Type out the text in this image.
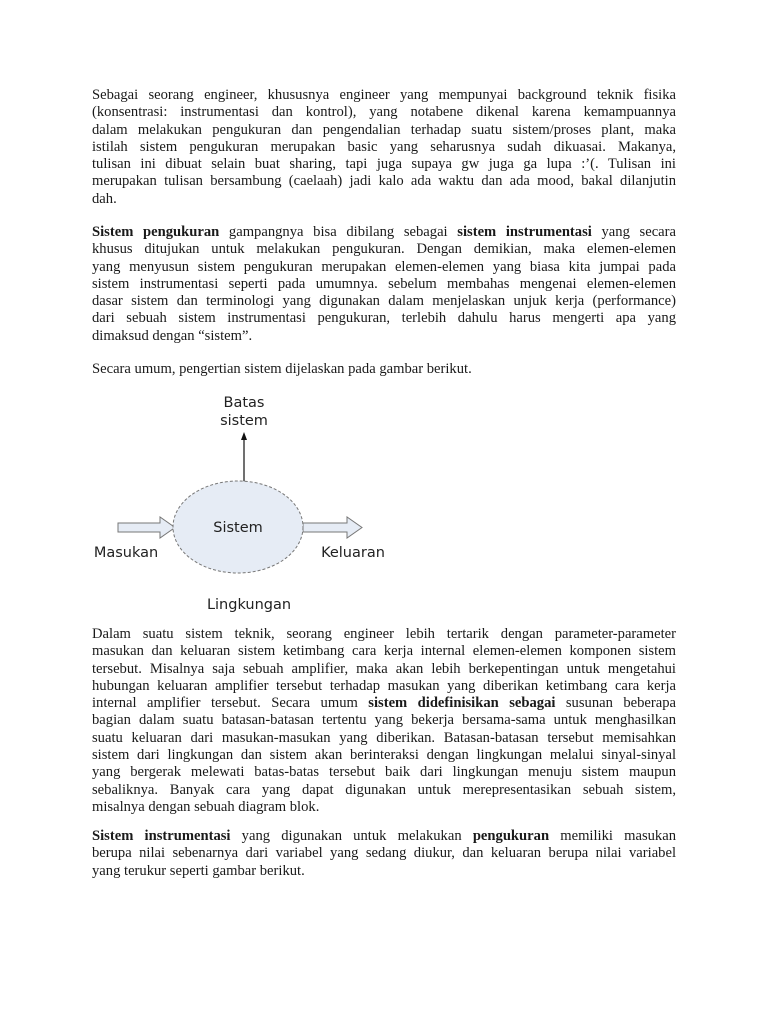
Sebagai seorang engineer, khususnya engineer yang mempunyai background teknik fisika
(konsentrasi: instrumentasi dan kontrol), yang notabene dikenal karena kemampuannya
dalam melakukan pengukuran dan pengendalian terhadap suatu sistem/proses plant, maka
istilah sistem pengukuran merupakan basic yang seharusnya sudah dikuasai. Makanya,
tulisan ini dibuat selain buat sharing, tapi juga supaya gw juga ga lupa :’(. Tulisan ini
merupakan tulisan bersambung (caelaah) jadi kalo ada waktu dan ada mood, bakal dilanjutin
dah.
Sistem pengukuran gampangnya bisa dibilang sebagai sistem instrumentasi yang secara
khusus ditujukan untuk melakukan pengukuran. Dengan demikian, maka elemen-elemen
yang menyusun sistem pengukuran merupakan elemen-elemen yang biasa kita jumpai pada
sistem instrumentasi seperti pada umumnya. sebelum membahas mengenai elemen-elemen
dasar sistem dan terminologi yang digunakan dalam menjelaskan unjuk kerja (performance)
dari sebuah sistem instrumentasi pengukuran, terlebih dahulu harus mengerti apa yang
dimaksud dengan “sistem”.
Secara umum, pengertian sistem dijelaskan pada gambar berikut.
Batas
sistem
Sistem
Masukan	Keluaran
Lingkungan
Dalam suatu sistem teknik, seorang engineer lebih tertarik dengan parameter-parameter
masukan dan keluaran sistem ketimbang cara kerja internal elemen-elemen komponen sistem
tersebut. Misalnya saja sebuah amplifier, maka akan lebih berkepentingan untuk mengetahui
hubungan keluaran amplifier tersebut terhadap masukan yang diberikan ketimbang cara kerja
internal amplifier tersebut. Secara umum sistem didefinisikan sebagai susunan beberapa
bagian dalam suatu batasan-batasan tertentu yang bekerja bersama-sama untuk menghasilkan
suatu keluaran dari masukan-masukan yang diberikan. Batasan-batasan tersebut memisahkan
sistem dari lingkungan dan sistem akan berinteraksi dengan lingkungan melalui sinyal-sinyal
yang bergerak melewati batas-batas tersebut baik dari lingkungan menuju sistem maupun
sebaliknya. Banyak cara yang dapat digunakan untuk merepresentasikan sebuah sistem,
misalnya dengan sebuah diagram blok.
Sistem instrumentasi yang digunakan untuk melakukan pengukuran memiliki masukan
berupa nilai sebenarnya dari variabel yang sedang diukur, dan keluaran berupa nilai variabel
yang terukur seperti gambar berikut.
